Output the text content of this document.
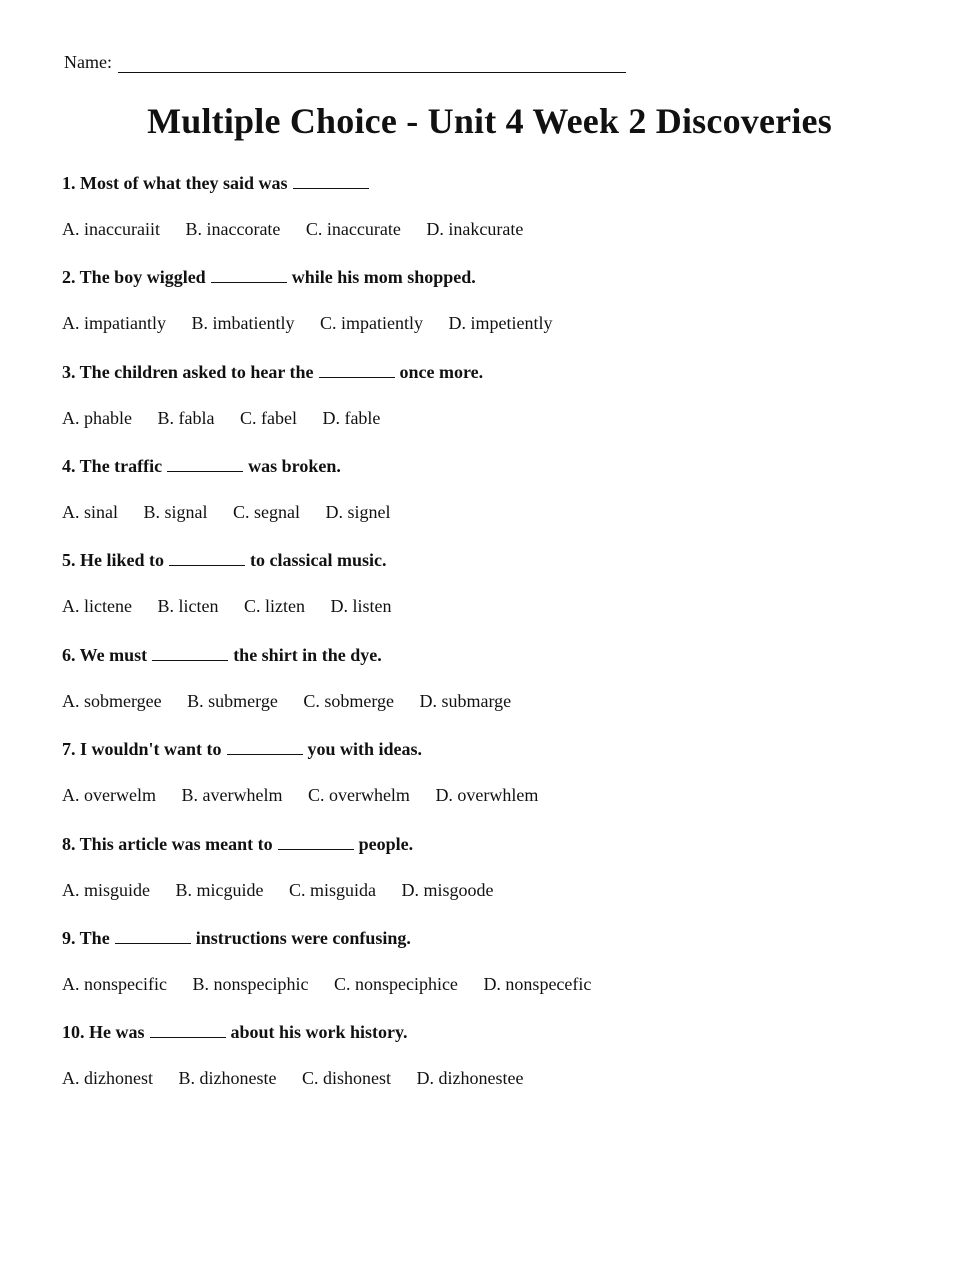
Name:
Multiple Choice - Unit 4 Week 2 Discoveries
1. Most of what they said was
A. inaccuraiit B. inaccorate C. inaccurate D. inakcurate
2. The boy wiggled	while his mom shopped.
A. impatiantly B. imbatiently C. impatiently D. impetiently
3. The children asked to hear the	once more.
A. phable B. fabla C. fabel D. fable
4. The traffic	was broken.
A. sinal B. signal C. segnal D. signel
5. He liked to	to classical music.
A. lictene B. licten C. lizten D. listen
6. We must	the shirt in the dye.
A. sobmergee B. submerge C. sobmerge D. submarge
7. I wouldn't want to	you with ideas.
A. overwelm B. averwhelm C. overwhelm D. overwhlem
8. This article was meant to	people.
A. misguide B. micguide C. misguida D. misgoode
9. The	instructions were confusing.
A. nonspecific B. nonspeciphic C. nonspeciphice D. nonspecefic
10. He was	about his work history.
A. dizhonest B. dizhoneste C. dishonest D. dizhonestee
